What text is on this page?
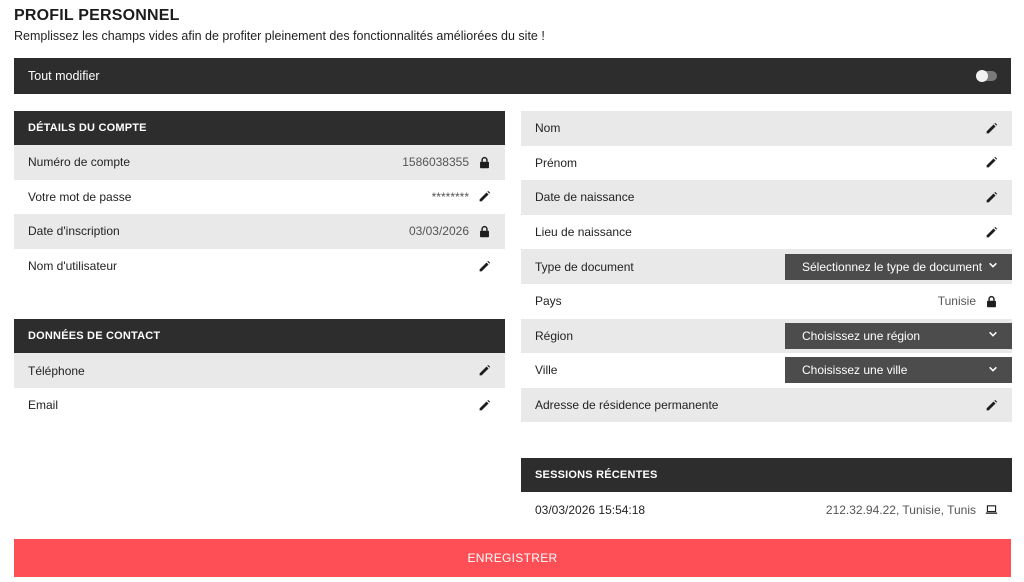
PROFIL PERSONNEL
Remplissez les champs vides afin de profiter pleinement des fonctionnalités améliorées du site !
Tout modifier
DÉTAILS DU COMPTE
Numéro de compte	1586038355
Votre mot de passe	********
Date d'inscription	03/03/2026
Nom d'utilisateur
DONNÉES DE CONTACT
Téléphone
Email
Nom
Prénom
Date de naissance
Lieu de naissance
Type de document	Sélectionnez le type de document
Pays	Tunisie
Région	Choisissez une région
Ville	Choisissez une ville
Adresse de résidence permanente
SESSIONS RÉCENTES
03/03/2026 15:54:18	212.32.94.22, Tunisie, Tunis
ENREGISTRER
